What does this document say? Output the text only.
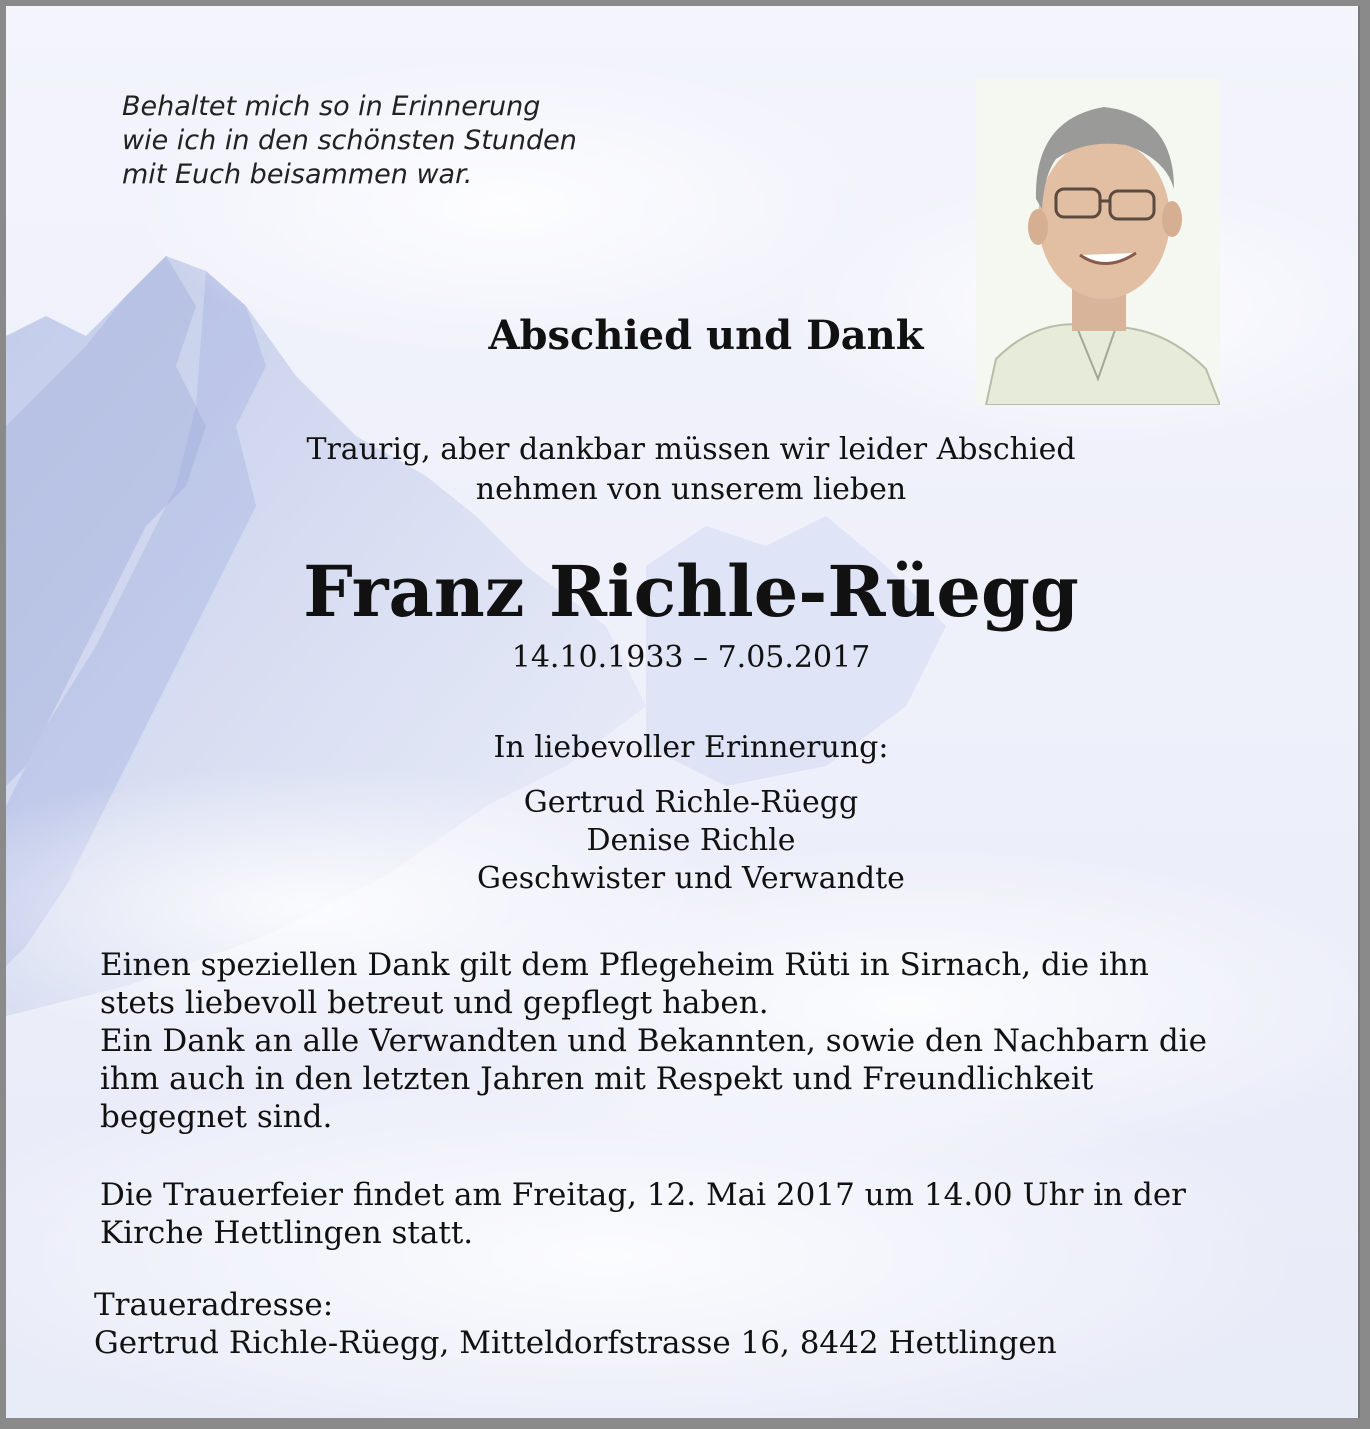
Behaltet mich so in Erinnerung
wie ich in den schönsten Stunden
mit Euch beisammen war.
Abschied und Dank
Traurig, aber dankbar müssen wir leider Abschied
nehmen von unserem lieben
Franz Richle-Rüegg
14.10.1933 – 7.05.2017
In liebevoller Erinnerung:
Gertrud Richle-Rüegg
Denise Richle
Geschwister und Verwandte
Einen speziellen Dank gilt dem Pflegeheim Rüti in Sirnach, die ihn
stets liebevoll betreut und gepflegt haben.
Ein Dank an alle Verwandten und Bekannten, sowie den Nachbarn die
ihm auch in den letzten Jahren mit Respekt und Freundlichkeit
begegnet sind.
Die Trauerfeier findet am Freitag, 12. Mai 2017 um 14.00 Uhr in der
Kirche Hettlingen statt.
Traueradresse:
Gertrud Richle-Rüegg, Mitteldorfstrasse 16, 8442 Hettlingen
